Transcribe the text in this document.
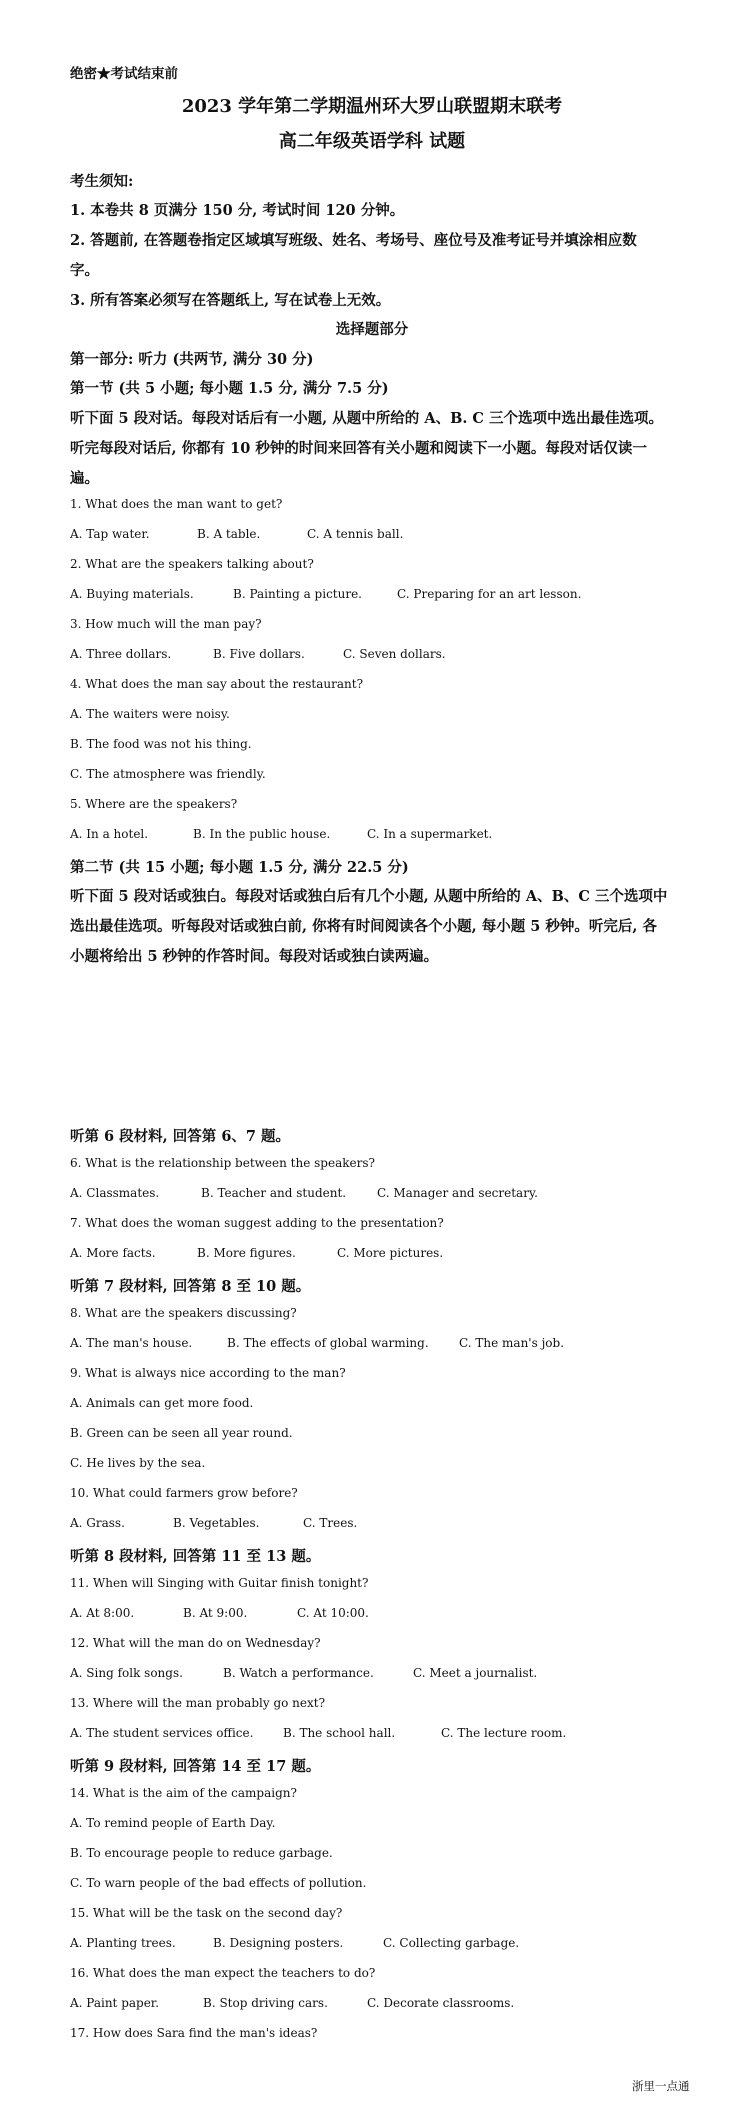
绝密★考试结束前
2023 学年第二学期温州环大罗山联盟期末联考
高二年级英语学科 试题
考生须知:
1. 本卷共 8 页满分 150 分, 考试时间 120 分钟。
2. 答题前, 在答题卷指定区域填写班级、姓名、考场号、座位号及准考证号并填涂相应数
字。
3. 所有答案必须写在答题纸上, 写在试卷上无效。
选择题部分
第一部分: 听力 (共两节, 满分 30 分)
第一节 (共 5 小题; 每小题 1.5 分, 满分 7.5 分)
听下面 5 段对话。每段对话后有一小题, 从题中所给的 A、B. C 三个选项中选出最佳选项。
听完每段对话后, 你都有 10 秒钟的时间来回答有关小题和阅读下一小题。每段对话仅读一
遍。
1. What does the man want to get?
A. Tap water.	B. A table.	C. A tennis ball.
2. What are the speakers talking about?
A. Buying materials.	B. Painting a picture.	C. Preparing for an art lesson.
3. How much will the man pay?
A. Three dollars.	B. Five dollars.	C. Seven dollars.
4. What does the man say about the restaurant?
A. The waiters were noisy.
B. The food was not his thing.
C. The atmosphere was friendly.
5. Where are the speakers?
A. In a hotel.	B. In the public house.	C. In a supermarket.
第二节 (共 15 小题; 每小题 1.5 分, 满分 22.5 分)
听下面 5 段对话或独白。每段对话或独白后有几个小题, 从题中所给的 A、B、C 三个选项中
选出最佳选项。听每段对话或独白前, 你将有时间阅读各个小题, 每小题 5 秒钟。听完后, 各
小题将给出 5 秒钟的作答时间。每段对话或独白读两遍。
听第 6 段材料, 回答第 6、7 题。
6. What is the relationship between the speakers?
A. Classmates.	B. Teacher and student.	C. Manager and secretary.
7. What does the woman suggest adding to the presentation?
A. More facts.	B. More figures.	C. More pictures.
听第 7 段材料, 回答第 8 至 10 题。
8. What are the speakers discussing?
A. The man's house.	B. The effects of global warming.	C. The man's job.
9. What is always nice according to the man?
A. Animals can get more food.
B. Green can be seen all year round.
C. He lives by the sea.
10. What could farmers grow before?
A. Grass.	B. Vegetables.	C. Trees.
听第 8 段材料, 回答第 11 至 13 题。
11. When will Singing with Guitar finish tonight?
A. At 8:00.	B. At 9:00.	C. At 10:00.
12. What will the man do on Wednesday?
A. Sing folk songs.	B. Watch a performance.	C. Meet a journalist.
13. Where will the man probably go next?
A. The student services office. B. The school hall.	C. The lecture room.
听第 9 段材料, 回答第 14 至 17 题。
14. What is the aim of the campaign?
A. To remind people of Earth Day.
B. To encourage people to reduce garbage.
C. To warn people of the bad effects of pollution.
15. What will be the task on the second day?
A. Planting trees.	B. Designing posters.	C. Collecting garbage.
16. What does the man expect the teachers to do?
A. Paint paper.	B. Stop driving cars.	C. Decorate classrooms.
17. How does Sara find the man's ideas?
浙里一点通
